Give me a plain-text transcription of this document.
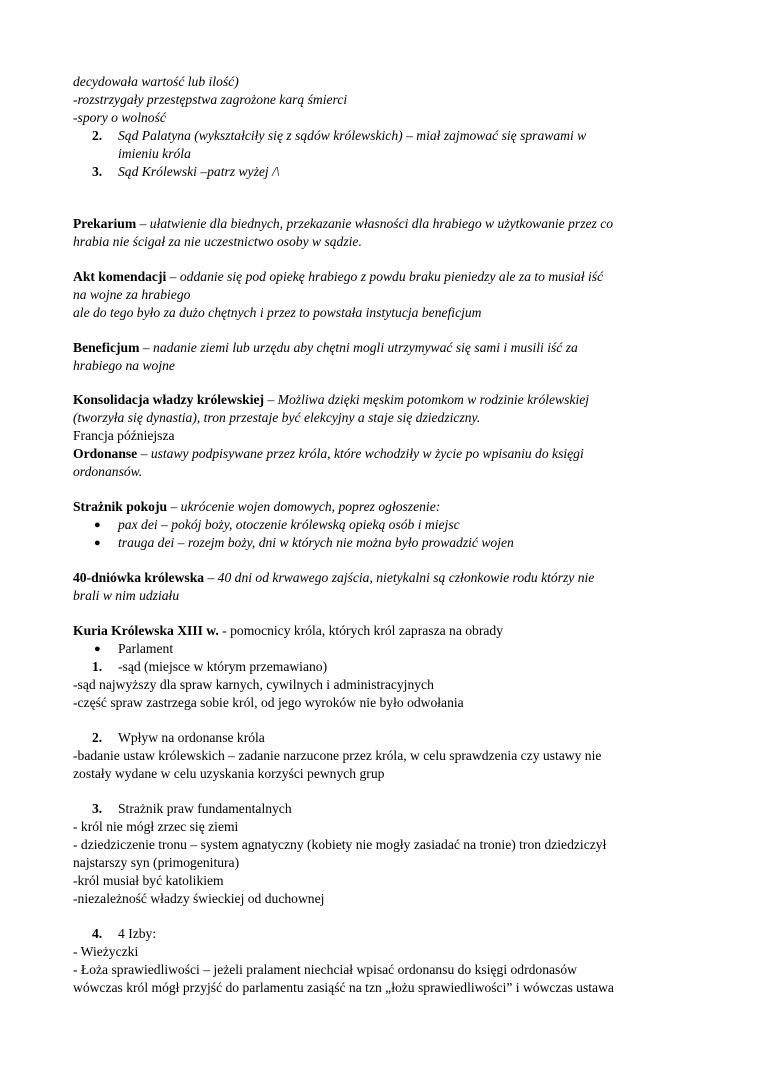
decydowała wartość lub ilość)
-rozstrzygały przestępstwa zagrożone karą śmierci
-spory o wolność
2. Sąd Palatyna (wykształciły się z sądów królewskich) – miał zajmować się sprawami w
imieniu króla
3. Sąd Królewski –patrz wyżej /\
Prekarium – ułatwienie dla biednych, przekazanie własności dla hrabiego w użytkowanie przez co
hrabia nie ścigał za nie uczestnictwo osoby w sądzie.
Akt komendacji – oddanie się pod opiekę hrabiego z powdu braku pieniedzy ale za to musiał iść
na wojne za hrabiego
ale do tego było za dużo chętnych i przez to powstała instytucja beneficjum
Beneficjum – nadanie ziemi lub urzędu aby chętni mogli utrzymywać się sami i musili iść za
hrabiego na wojne
Konsolidacja władzy królewskiej – Możliwa dzięki męskim potomkom w rodzinie królewskiej
(tworzyła się dynastia), tron przestaje być elekcyjny a staje się dziedziczny.
Francja późniejsza
Ordonanse – ustawy podpisywane przez króla, które wchodziły w życie po wpisaniu do księgi
ordonansów.
Strażnik pokoju – ukrócenie wojen domowych, poprez ogłoszenie:
● pax dei – pokój boży, otoczenie królewską opieką osób i miejsc
● trauga dei – rozejm boży, dni w których nie można było prowadzić wojen
40-dniówka królewska – 40 dni od krwawego zajścia, nietykalni są członkowie rodu którzy nie
brali w nim udziału
Kuria Królewska XIII w. - pomocnicy króla, których król zaprasza na obrady
● Parlament
1. -sąd (miejsce w którym przemawiano)
-sąd najwyższy dla spraw karnych, cywilnych i administracyjnych
-część spraw zastrzega sobie król, od jego wyroków nie było odwołania
2. Wpływ na ordonanse króla
-badanie ustaw królewskich – zadanie narzucone przez króla, w celu sprawdzenia czy ustawy nie
zostały wydane w celu uzyskania korzyści pewnych grup
3. Strażnik praw fundamentalnych
- król nie mógł zrzec się ziemi
- dziedziczenie tronu – system agnatyczny (kobiety nie mogły zasiadać na tronie) tron dziedziczył
najstarszy syn (primogenitura)
-król musiał być katolikiem
-niezależność władzy świeckiej od duchownej
4. 4 Izby:
- Wieżyczki
- Łoża sprawiedliwości – jeżeli pralament niechciał wpisać ordonansu do księgi odrdonasów
wówczas król mógł przyjść do parlamentu zasiąść na tzn „łożu sprawiedliwości” i wówczas ustawa
